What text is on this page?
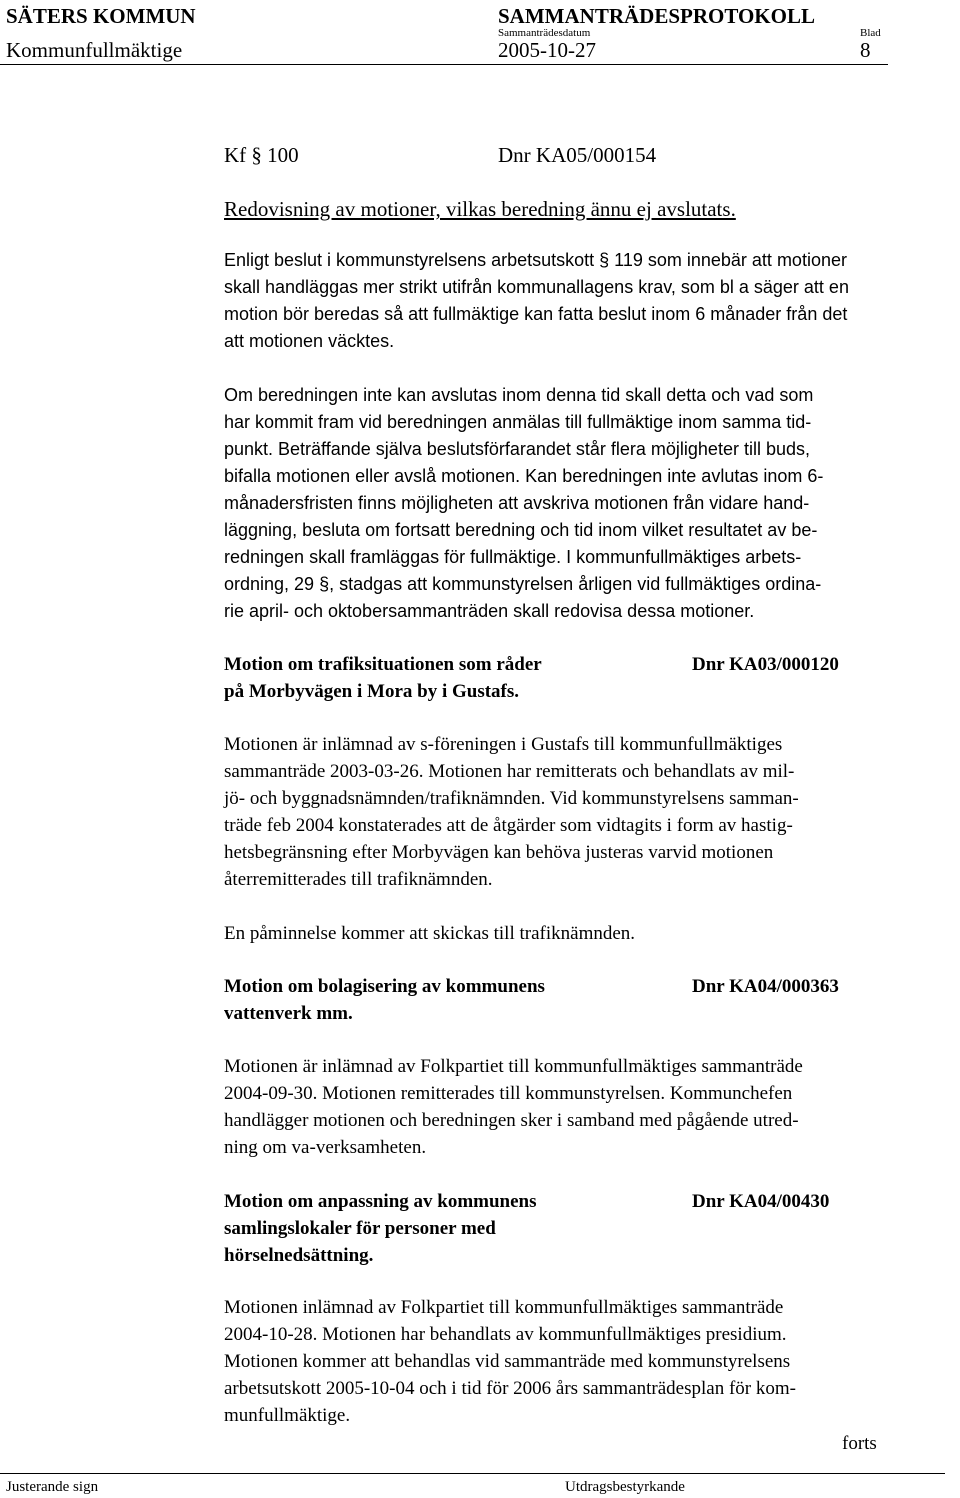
SÄTERS KOMMUN	SAMMANTRÄDESPROTOKOLL
Sammanträdesdatum	Blad
Kommunfullmäktige	2005-10-27	8
Kf § 100	Dnr KA05/000154
Redovisning av motioner, vilkas beredning ännu ej avslutats.

Enligt beslut i kommunstyrelsens arbetsutskott § 119 som innebär att motioner
skall handläggas mer strikt utifrån kommunallagens krav, som bl a säger att en
motion bör beredas så att fullmäktige kan fatta beslut inom 6 månader från det
att motionen väcktes.

Om beredningen inte kan avslutas inom denna tid skall detta och vad som
har kommit fram vid beredningen anmälas till fullmäktige inom samma tid-
punkt. Beträffande själva beslutsförfarandet står flera möjligheter till buds,
bifalla motionen eller avslå motionen. Kan beredningen inte avlutas inom 6-
månadersfristen finns möjligheten att avskriva motionen från vidare hand-
läggning, besluta om fortsatt beredning och tid inom vilket resultatet av be-
redningen skall framläggas för fullmäktige. I kommunfullmäktiges arbets-
ordning, 29 §, stadgas att kommunstyrelsen årligen vid fullmäktiges ordina-
rie april- och oktobersammanträden skall redovisa dessa motioner.

Motion om trafiksituationen som råder
på Morbyvägen i Mora by i Gustafs.
Dnr KA03/000120

Motionen är inlämnad av s-föreningen i Gustafs till kommunfullmäktiges
sammanträde 2003-03-26. Motionen har remitterats och behandlats av mil-
jö- och byggnadsnämnden/trafiknämnden. Vid kommunstyrelsens samman-
träde feb 2004 konstaterades att de åtgärder som vidtagits i form av hastig-
hetsbegränsning efter Morbyvägen kan behöva justeras varvid motionen
återremitterades till trafiknämnden.

En påminnelse kommer att skickas till trafiknämnden.

Motion om bolagisering av kommunens
vattenverk mm.
Dnr KA04/000363

Motionen är inlämnad av Folkpartiet till kommunfullmäktiges sammanträde
2004-09-30. Motionen remitterades till kommunstyrelsen. Kommunchefen
handlägger motionen och beredningen sker i samband med pågående utred-
ning om va-verksamheten.

Motion om anpassning av kommunens
samlingslokaler för personer med
hörselnedsättning.
Dnr KA04/00430

Motionen inlämnad av Folkpartiet till kommunfullmäktiges sammanträde
2004-10-28. Motionen har behandlats av kommunfullmäktiges presidium.
Motionen kommer att behandlas vid sammanträde med kommunstyrelsens
arbetsutskott 2005-10-04 och i tid för 2006 års sammanträdesplan för kom-
munfullmäktige.

forts
Justerande sign	Utdragsbestyrkande
